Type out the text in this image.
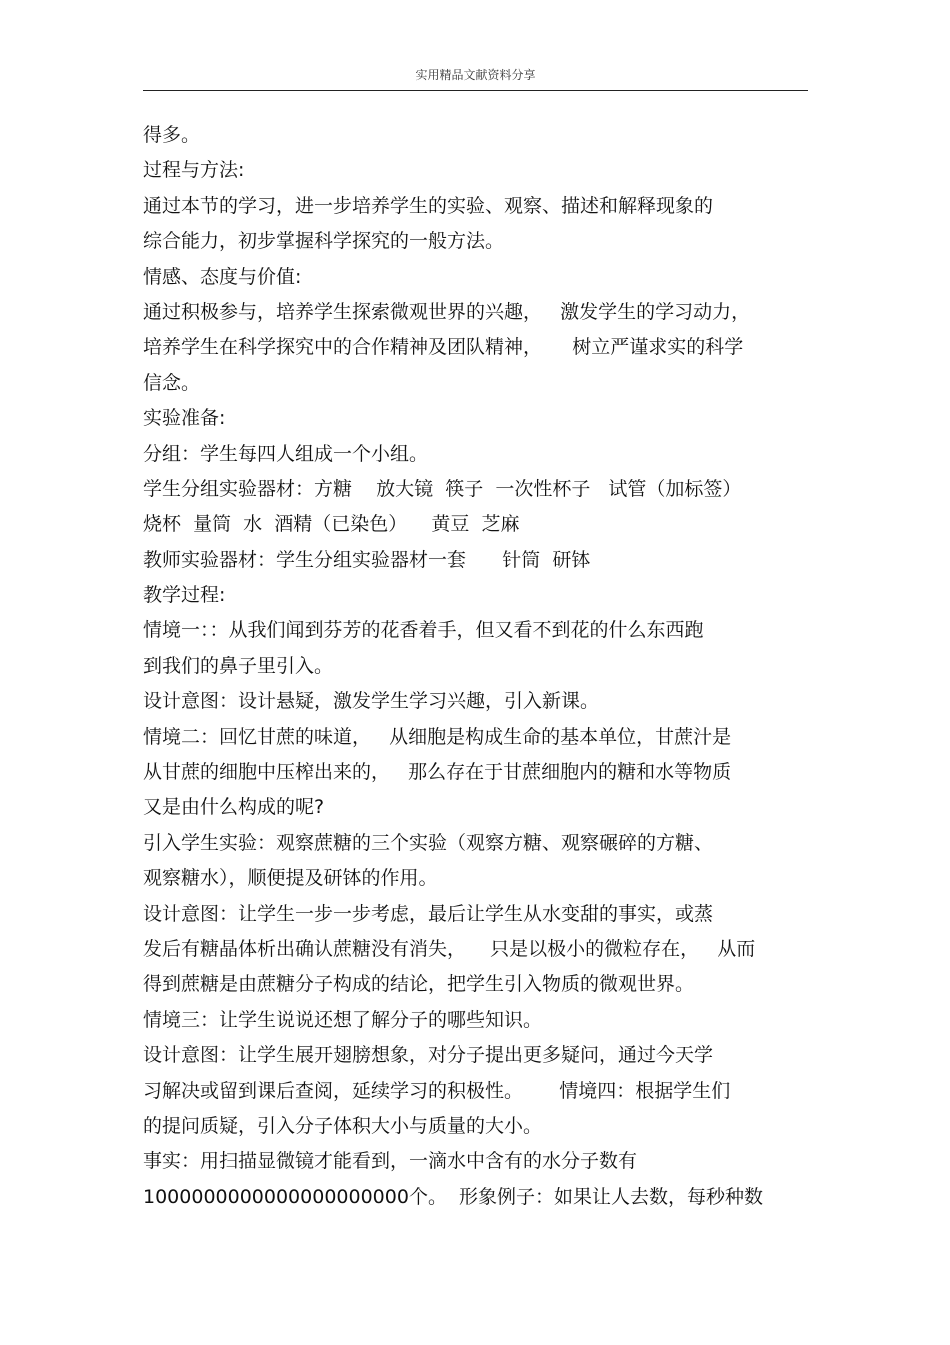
实用精品文献资料分享
得多。
过程与方法:
通过本节的学习，进一步培养学生的实验、观察、描述和解释现象的
综合能力，初步掌握科学探究的一般方法。
情感、态度与价值:
通过积极参与，培养学生探索微观世界的兴趣，   激发学生的学习动力，
培养学生在科学探究中的合作精神及团队精神，     树立严谨求实的科学
信念。
实验准备:
分组：学生每四人组成一个小组。
学生分组实验器材：方糖    放大镜  筷子  一次性杯子   试管（加标签）
烧杯  量筒  水  酒精（已染色）    黄豆  芝麻
教师实验器材：学生分组实验器材一套      针筒  研钵
教学过程:
情境一：：从我们闻到芬芳的花香着手，但又看不到花的什么东西跑
到我们的鼻子里引入。
设计意图：设计悬疑，激发学生学习兴趣，引入新课。
情境二：回忆甘蔗的味道，   从细胞是构成生命的基本单位，甘蔗汁是
从甘蔗的细胞中压榨出来的，   那么存在于甘蔗细胞内的糖和水等物质
又是由什么构成的呢?
引入学生实验：观察蔗糖的三个实验（观察方糖、观察碾碎的方糖、
观察糖水），顺便提及研钵的作用。
设计意图：让学生一步一步考虑，最后让学生从水变甜的事实，或蒸
发后有糖晶体析出确认蔗糖没有消失，    只是以极小的微粒存在，   从而
得到蔗糖是由蔗糖分子构成的结论，把学生引入物质的微观世界。
情境三：让学生说说还想了解分子的哪些知识。
设计意图：让学生展开翅膀想象，对分子提出更多疑问，通过今天学
习解决或留到课后查阅，延续学习的积极性。      情境四：根据学生们
的提问质疑，引入分子体积大小与质量的大小。
事实：用扫描显微镜才能看到，一滴水中含有的水分子数有
1000000000000000000000个。  形象例子：如果让人去数，每秒种数
